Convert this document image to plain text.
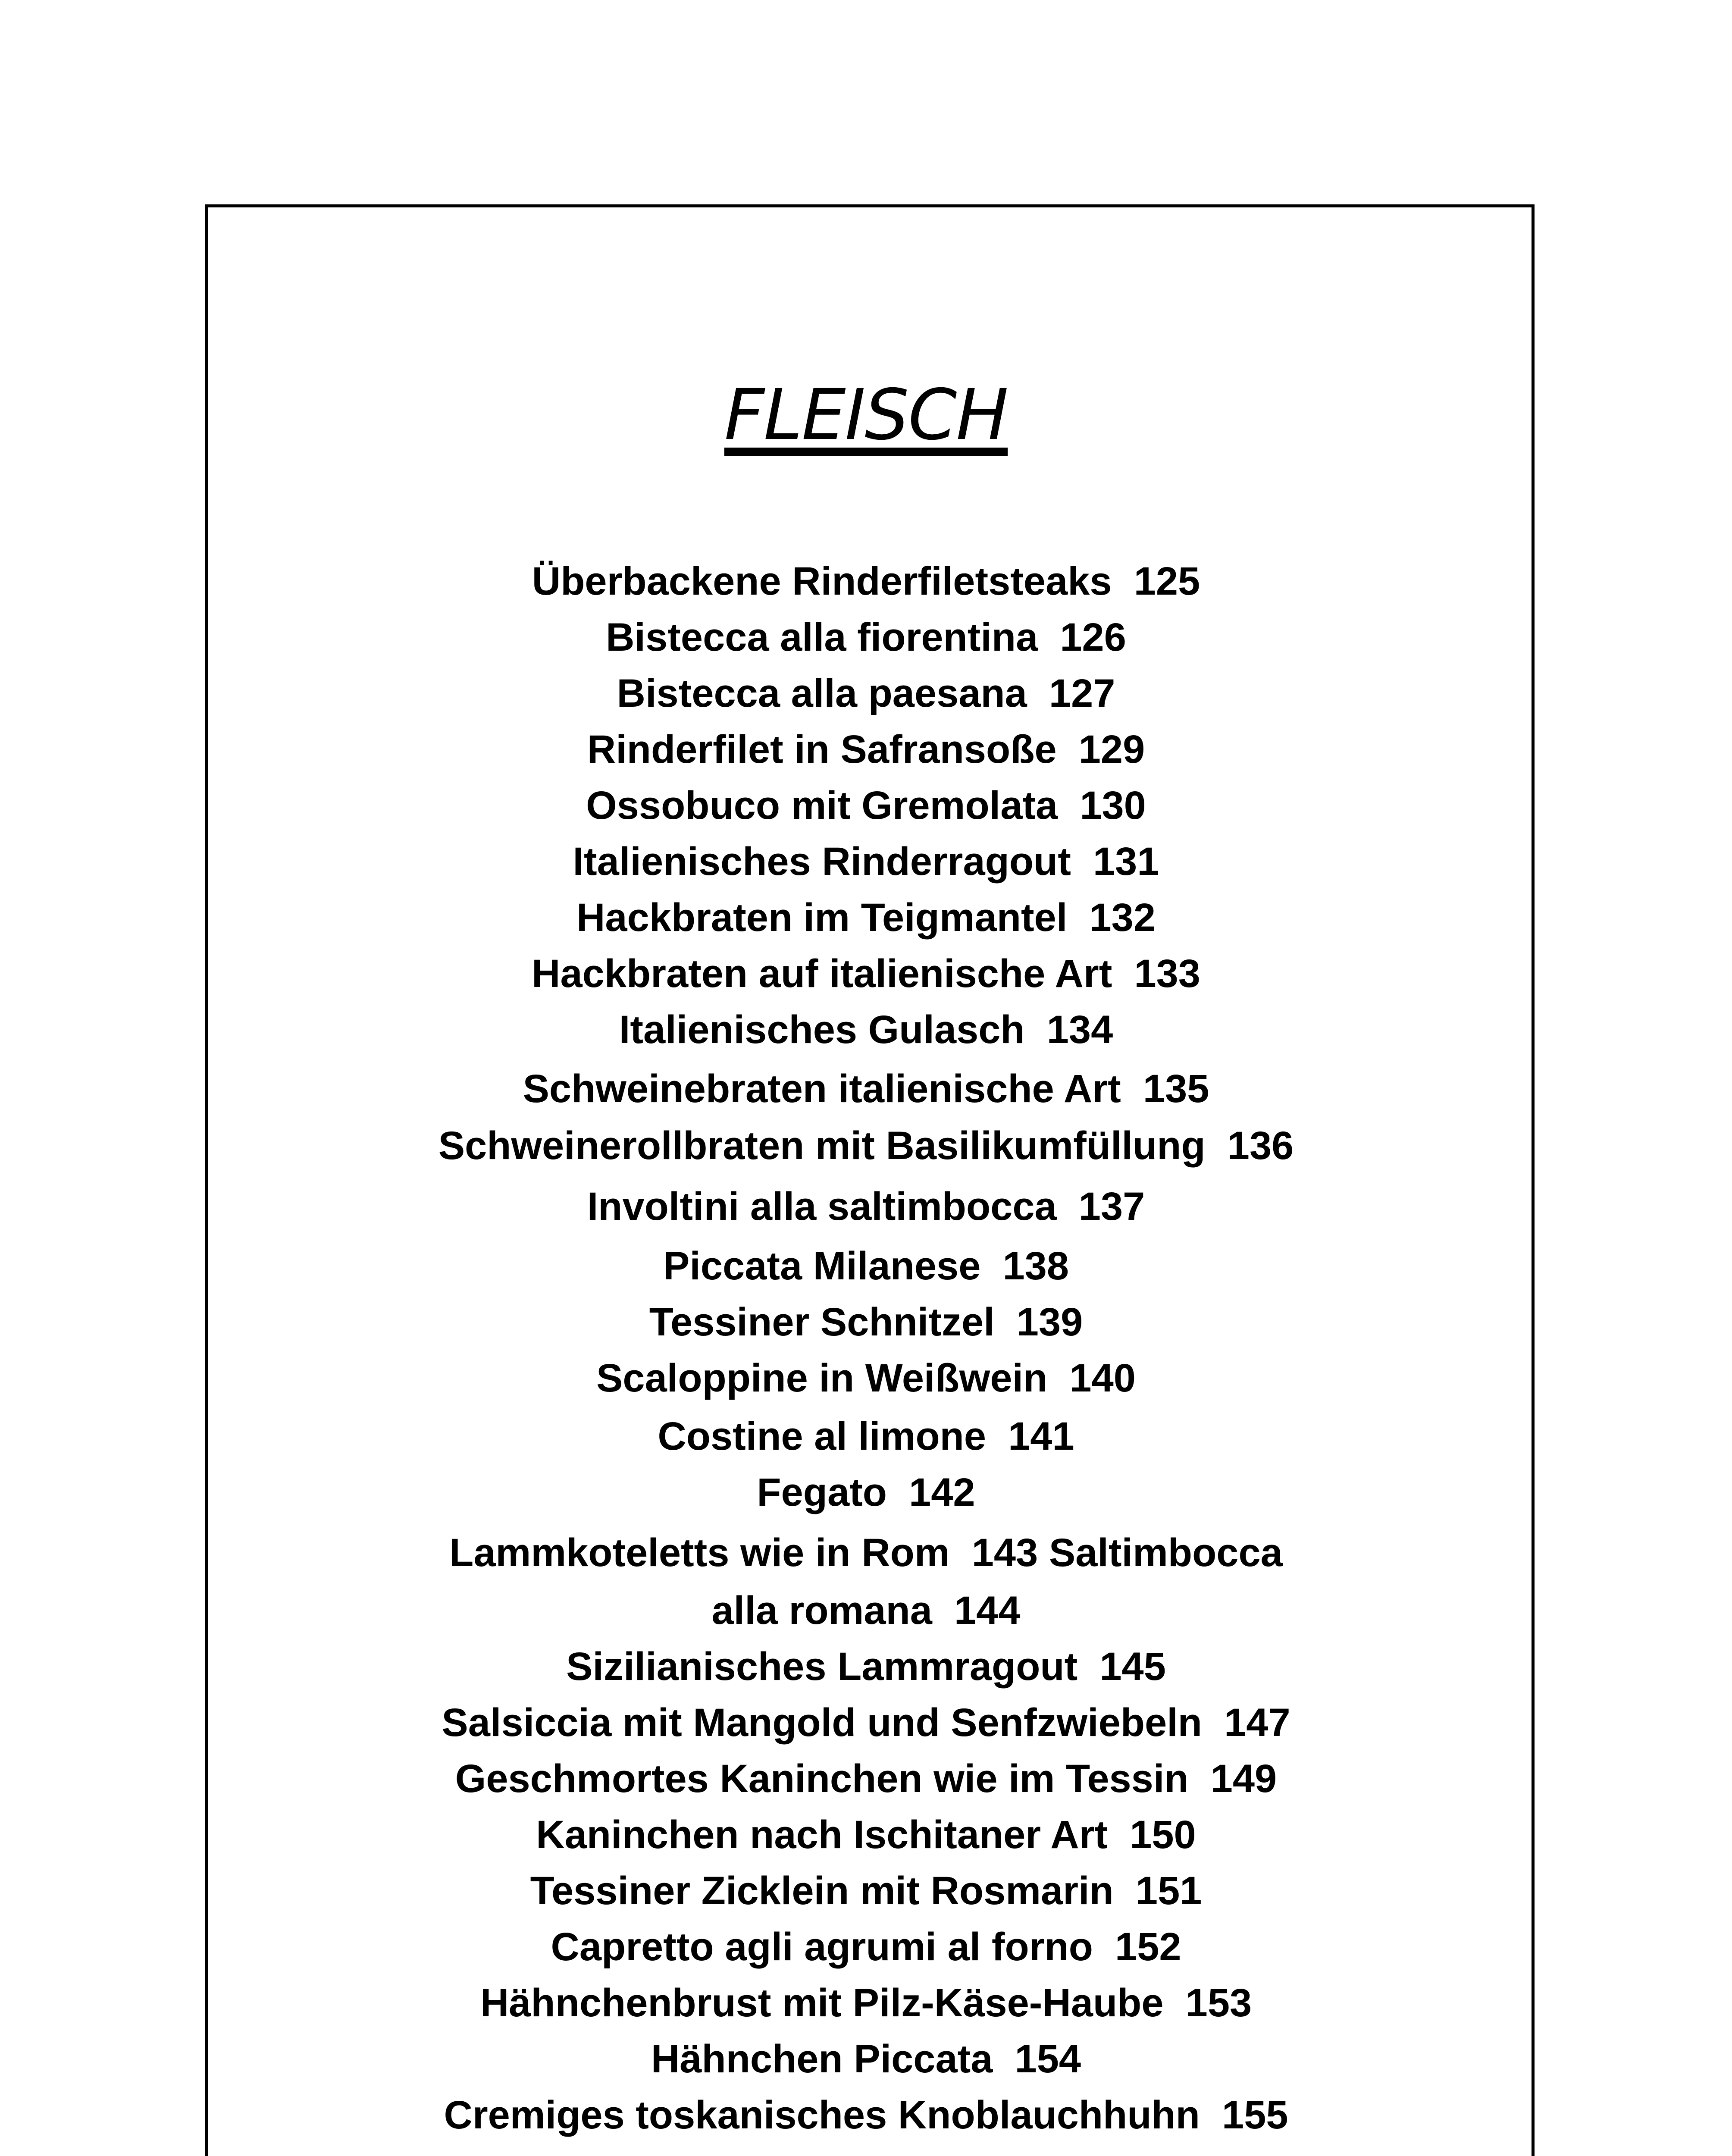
FLEISCH
Überbackene Rinderfiletsteaks  125
Bistecca alla fiorentina  126
Bistecca alla paesana  127
Rinderfilet in Safransoße  129
Ossobuco mit Gremolata  130
Italienisches Rinderragout  131
Hackbraten im Teigmantel  132
Hackbraten auf italienische Art  133
Italienisches Gulasch  134
Schweinebraten italienische Art  135
Schweinerollbraten mit Basilikumfüllung  136
Involtini alla saltimbocca  137
Piccata Milanese  138
Tessiner Schnitzel  139
Scaloppine in Weißwein  140
Costine al limone  141
Fegato  142
Lammkoteletts wie in Rom  143 Saltimbocca
alla romana  144
Sizilianisches Lammragout  145
Salsiccia mit Mangold und Senfzwiebeln  147
Geschmortes Kaninchen wie im Tessin  149
Kaninchen nach Ischitaner Art  150
Tessiner Zicklein mit Rosmarin  151
Capretto agli agrumi al forno  152
Hähnchenbrust mit Pilz-Käse-Haube  153
Hähnchen Piccata  154
Cremiges toskanisches Knoblauchhuhn  155
